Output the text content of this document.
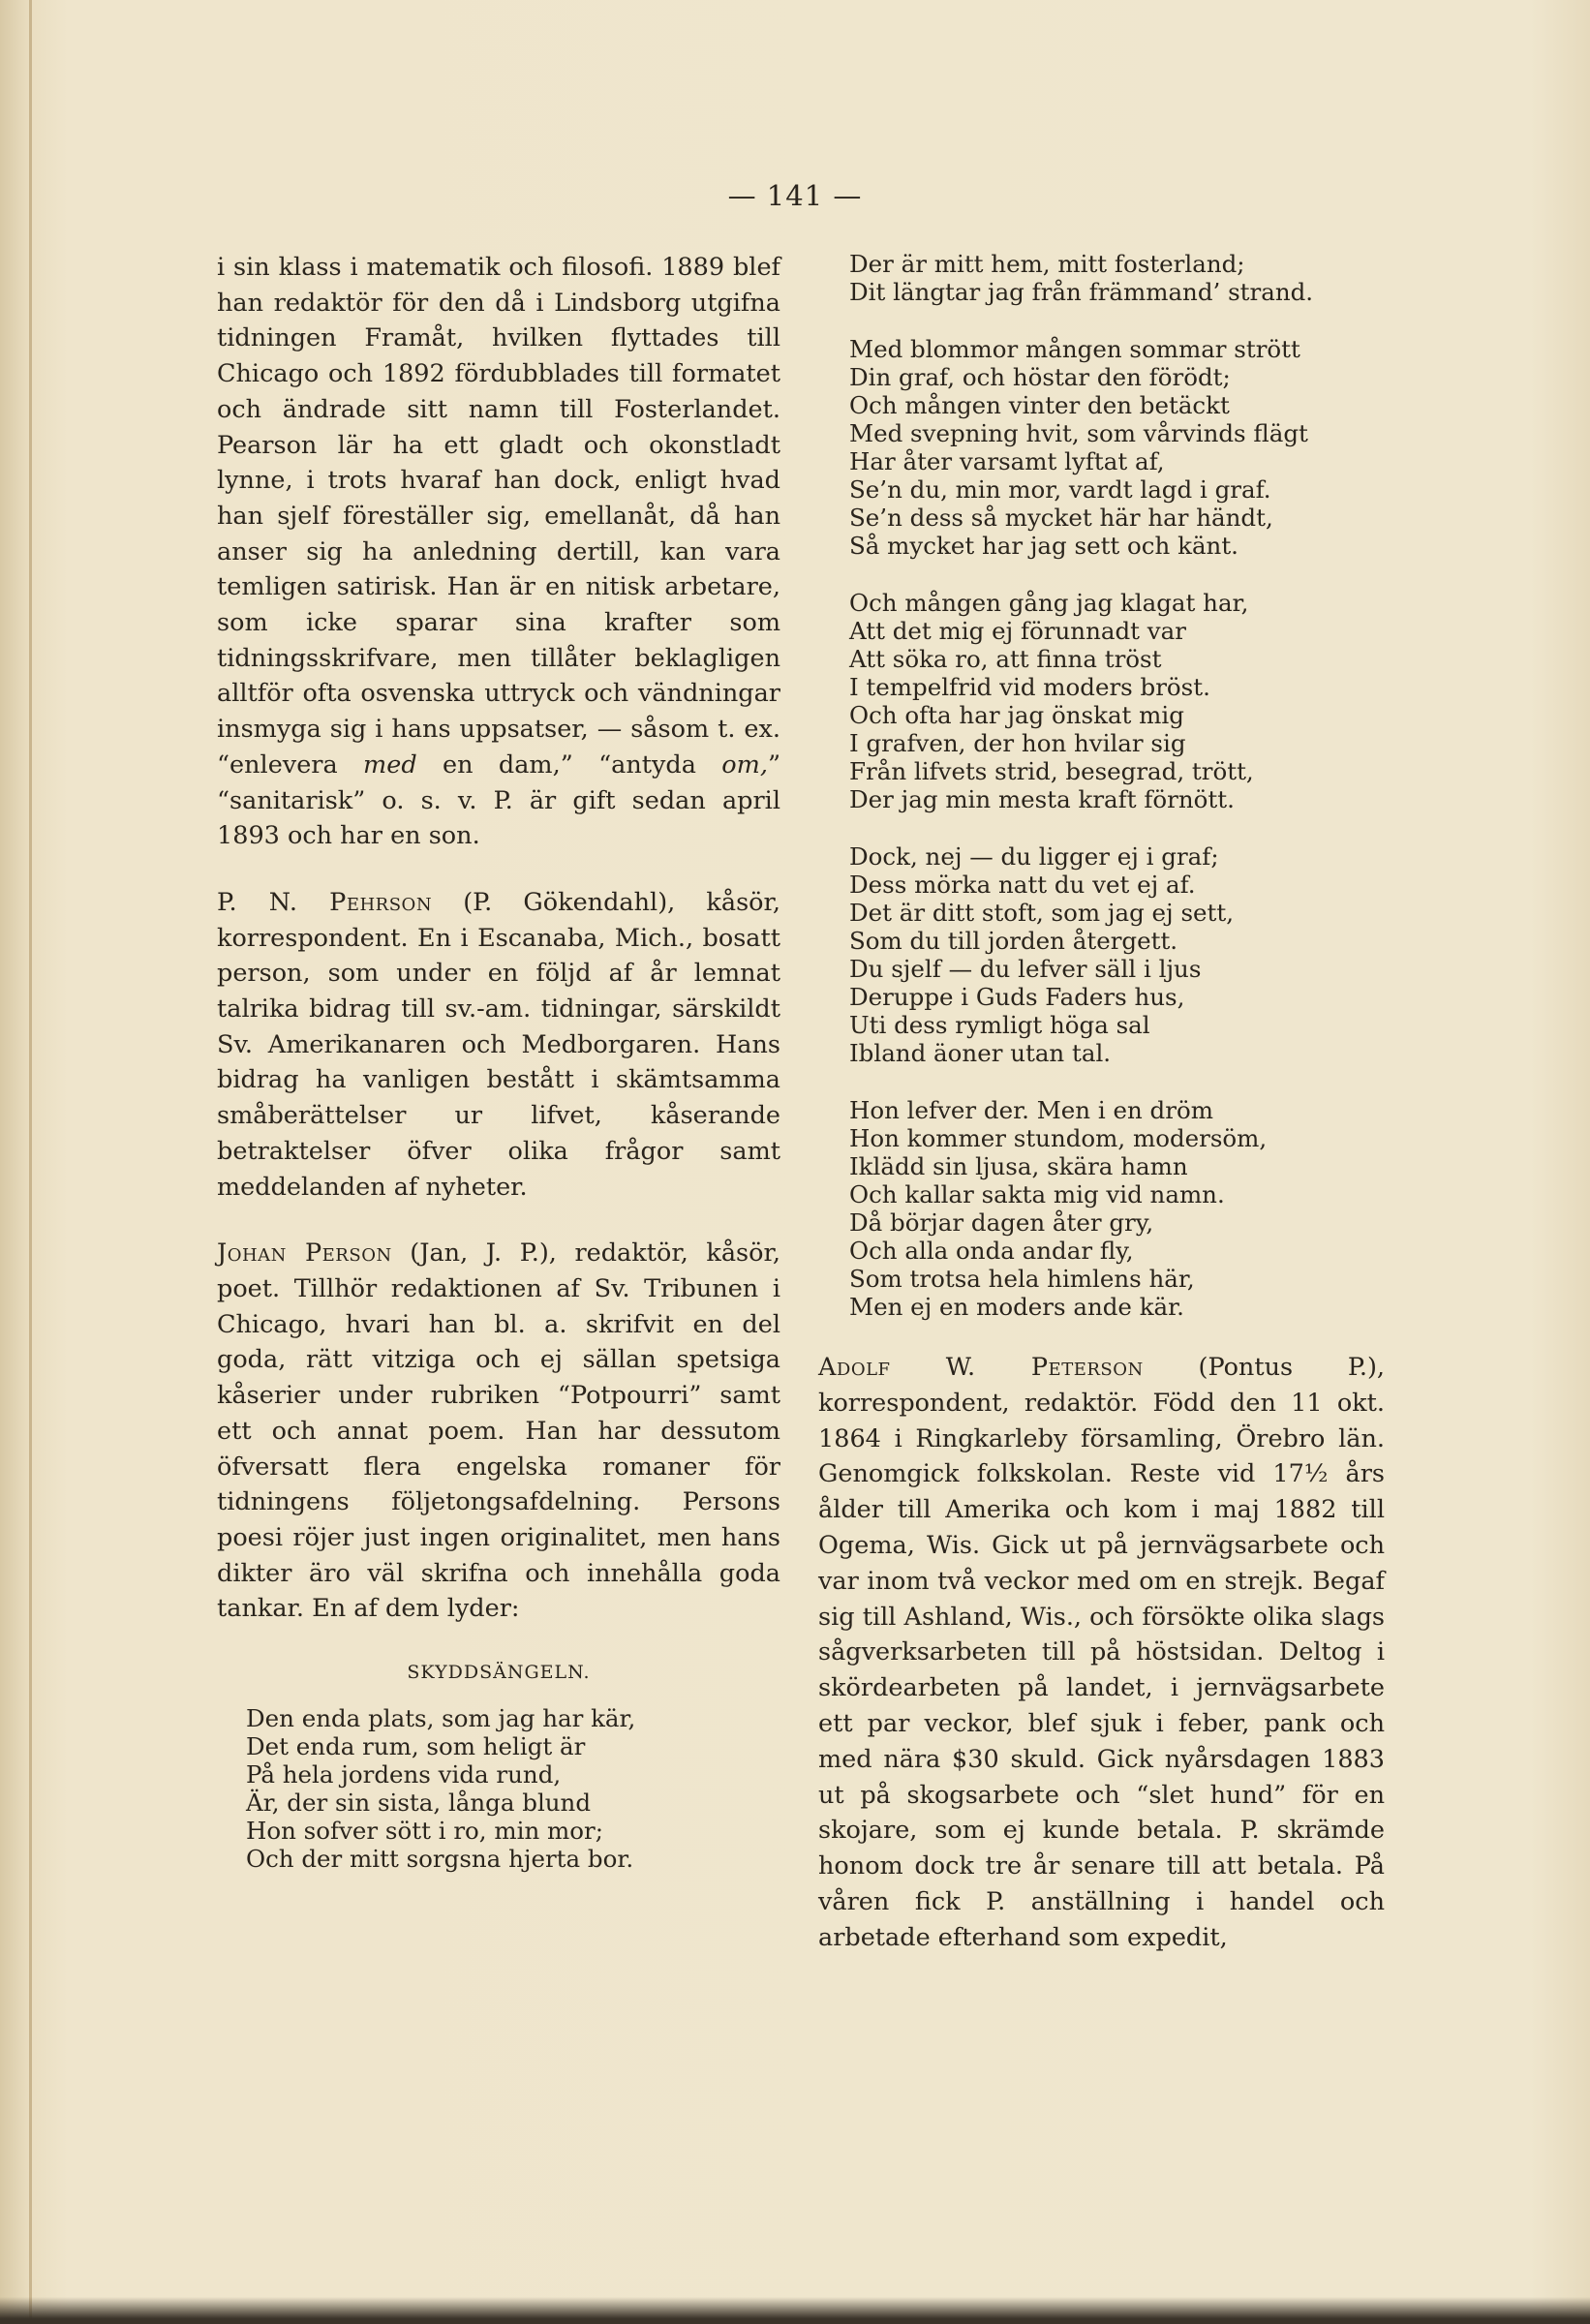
— 141 —

i sin klass i matematik och filosofi. 1889 blef han redaktör för den då i Lindsborg utgifna tidningen Framåt, hvilken flyttades till Chicago och 1892 fördubblades till formatet och ändrade sitt namn till Fosterlandet. Pearson lär ha ett gladt och okonstladt lynne, i trots hvaraf han dock, enligt hvad han sjelf föreställer sig, emellanåt, då han anser sig ha anledning dertill, kan vara temligen satirisk. Han är en nitisk arbetare, som icke sparar sina krafter som tidningsskrifvare, men tillåter beklagligen alltför ofta osvenska uttryck och vändningar insmyga sig i hans uppsatser, — såsom t. ex. “enlevera med en dam,” “antyda om,” “sanitarisk” o. s. v. P. är gift sedan april 1893 och har en son.

P. N. Pehrson (P. Gökendahl), kåsör, korrespondent. En i Escanaba, Mich., bosatt person, som under en följd af år lemnat talrika bidrag till sv.-am. tidningar, särskildt Sv. Amerikanaren och Medborgaren. Hans bidrag ha vanligen bestått i skämtsamma småberättelser ur lifvet, kåserande betraktelser öfver olika frågor samt meddelanden af nyheter.

Johan Person (Jan, J. P.), redaktör, kåsör, poet. Tillhör redaktionen af Sv. Tribunen i Chicago, hvari han bl. a. skrifvit en del goda, rätt vitziga och ej sällan spetsiga kåserier under rubriken “Potpourri” samt ett och annat poem. Han har dessutom öfversatt flera engelska romaner för tidningens följetongsafdelning. Persons poesi röjer just ingen originalitet, men hans dikter äro väl skrifna och innehålla goda tankar. En af dem lyder:

SKYDDSÄNGELN.
Den enda plats, som jag har kär,
Det enda rum, som heligt är
På hela jordens vida rund,
Är, der sin sista, långa blund
Hon sofver sött i ro, min mor;
Och der mitt sorgsna hjerta bor.
Der är mitt hem, mitt fosterland;
Dit längtar jag från främmand’ strand.
Med blommor mången sommar strött
Din graf, och höstar den förödt;
Och mången vinter den betäckt
Med svepning hvit, som vårvinds flägt
Har åter varsamt lyftat af,
Se’n du, min mor, vardt lagd i graf.
Se’n dess så mycket här har händt,
Så mycket har jag sett och känt.
Och mången gång jag klagat har,
Att det mig ej förunnadt var
Att söka ro, att finna tröst
I tempelfrid vid moders bröst.
Och ofta har jag önskat mig
I grafven, der hon hvilar sig
Från lifvets strid, besegrad, trött,
Der jag min mesta kraft förnött.
Dock, nej — du ligger ej i graf;
Dess mörka natt du vet ej af.
Det är ditt stoft, som jag ej sett,
Som du till jorden återgett.
Du sjelf — du lefver säll i ljus
Deruppe i Guds Faders hus,
Uti dess rymligt höga sal
Ibland äoner utan tal.
Hon lefver der. Men i en dröm
Hon kommer stundom, modersöm,
Iklädd sin ljusa, skära hamn
Och kallar sakta mig vid namn.
Då börjar dagen åter gry,
Och alla onda andar fly,
Som trotsa hela himlens här,
Men ej en moders ande kär.

Adolf W. Peterson (Pontus P.), korrespondent, redaktör. Född den 11 okt. 1864 i Ringkarleby församling, Örebro län. Genomgick folkskolan. Reste vid 17½ års ålder till Amerika och kom i maj 1882 till Ogema, Wis. Gick ut på jernvägsarbete och var inom två veckor med om en strejk. Begaf sig till Ashland, Wis., och försökte olika slags sågverksarbeten till på höstsidan. Deltog i skördearbeten på landet, i jernvägsarbete ett par veckor, blef sjuk i feber, pank och med nära $30 skuld. Gick nyårsdagen 1883 ut på skogsarbete och “slet hund” för en skojare, som ej kunde betala. P. skrämde honom dock tre år senare till att betala. På våren fick P. anställning i handel och arbetade efterhand som expedit,
